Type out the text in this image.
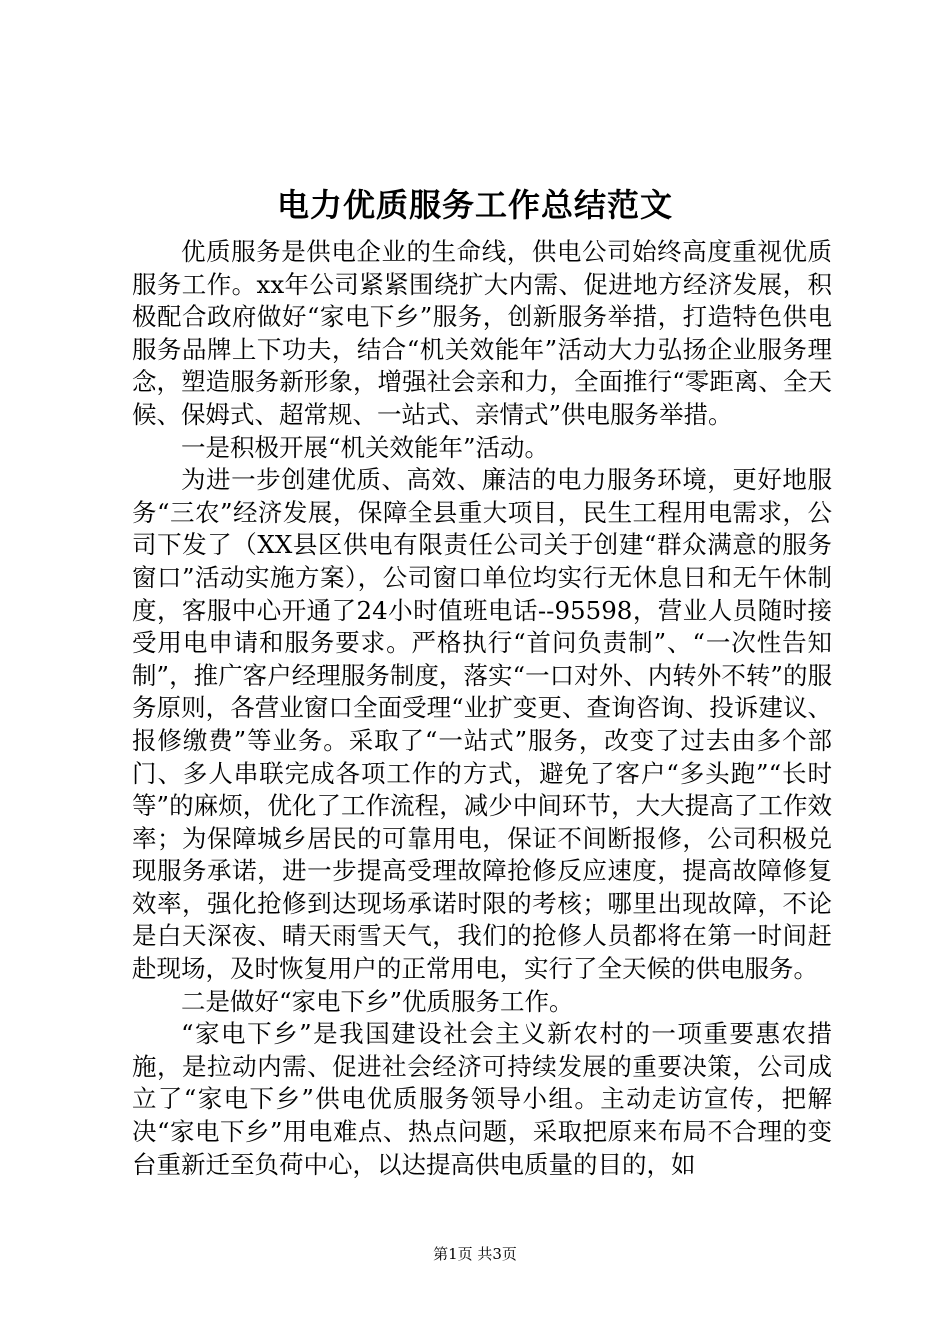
电力优质服务工作总结范文

优质服务是供电企业的生命线，供电公司始终高度重视优质服务工作。xx年公司紧紧围绕扩大内需、促进地方经济发展，积极配合政府做好“家电下乡”服务，创新服务举措，打造特色供电服务品牌上下功夫，结合“机关效能年”活动大力弘扬企业服务理念，塑造服务新形象，增强社会亲和力，全面推行“零距离、全天候、保姆式、超常规、一站式、亲情式”供电服务举措。

一是积极开展“机关效能年”活动。

为进一步创建优质、高效、廉洁的电力服务环境，更好地服务“三农”经济发展，保障全县重大项目，民生工程用电需求，公司下发了（XX县区供电有限责任公司关于创建“群众满意的服务窗口”活动实施方案），公司窗口单位均实行无休息日和无午休制度，客服中心开通了24小时值班电话--95598，营业人员随时接受用电申请和服务要求。严格执行“首问负责制”、“一次性告知制”，推广客户经理服务制度，落实“一口对外、内转外不转”的服务原则，各营业窗口全面受理“业扩变更、查询咨询、投诉建议、报修缴费”等业务。采取了“一站式”服务，改变了过去由多个部门、多人串联完成各项工作的方式，避免了客户“多头跑”“长时等”的麻烦，优化了工作流程，减少中间环节，大大提高了工作效率；为保障城乡居民的可靠用电，保证不间断报修，公司积极兑现服务承诺，进一步提高受理故障抢修反应速度，提高故障修复效率，强化抢修到达现场承诺时限的考核；哪里出现故障，不论是白天深夜、晴天雨雪天气，我们的抢修人员都将在第一时间赶赴现场，及时恢复用户的正常用电，实行了全天候的供电服务。

二是做好“家电下乡”优质服务工作。

“家电下乡”是我国建设社会主义新农村的一项重要惠农措施，是拉动内需、促进社会经济可持续发展的重要决策，公司成立了“家电下乡”供电优质服务领导小组。主动走访宣传，把解决“家电下乡”用电难点、热点问题，采取把原来布局不合理的变台重新迁至负荷中心，以达提高供电质量的目的，如

第1页 共3页
